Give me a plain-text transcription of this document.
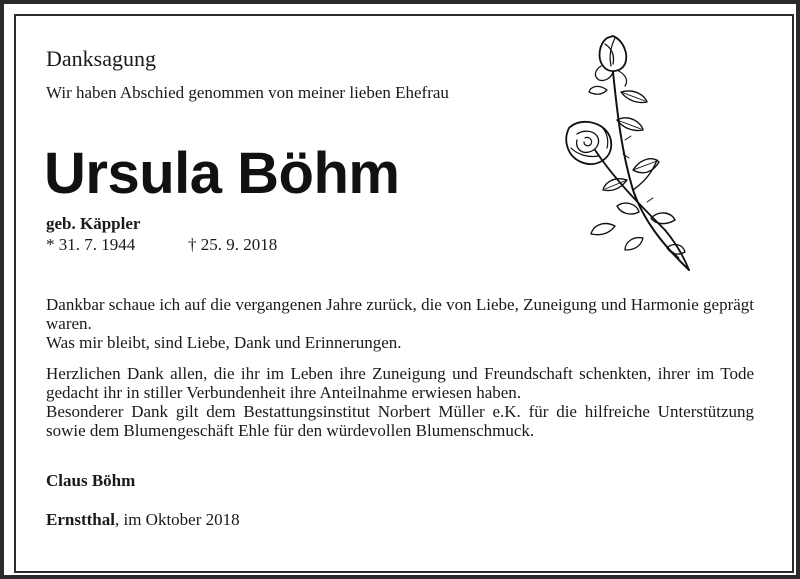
Danksagung
Wir haben Abschied genommen von meiner lieben Ehefrau
Ursula Böhm
geb. Käppler
* 31. 7. 1944	† 25. 9. 2018
Dankbar schaue ich auf die vergangenen Jahre zurück, die von Liebe, Zuneigung und Harmonie geprägt waren.
Was mir bleibt, sind Liebe, Dank und Erinnerungen.
Herzlichen Dank allen, die ihr im Leben ihre Zuneigung und Freundschaft schenkten, ihrer im Tode gedacht ihr in stiller Verbundenheit ihre Anteilnahme erwiesen haben.
Besonderer Dank gilt dem Bestattungsinstitut Norbert Müller e.K. für die hilfreiche Unterstützung sowie dem Blumengeschäft Ehle für den würdevollen Blumenschmuck.
Claus Böhm
Ernstthal, im Oktober 2018
